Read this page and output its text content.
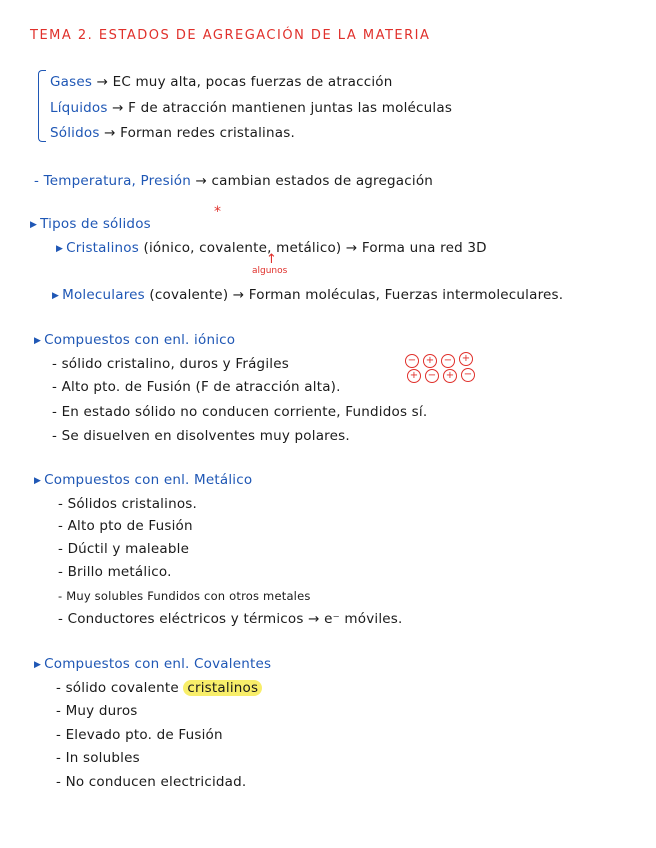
TEMA 2. ESTADOS DE AGREGACIÓN DE LA MATERIA
Gases → EC muy alta, pocas fuerzas de atracción
Líquidos → F de atracción mantienen juntas las moléculas
Sólidos → Forman redes cristalinas.
- Temperatura, Presión → cambian estados de agregación
▶ Tipos de sólidos
*
▶ Cristalinos (iónico, covalente, metálico) → Forma una red 3D
↑
algunos
▶ Moleculares (covalente) → Forman moléculas, Fuerzas intermoleculares.
▶ Compuestos con enl. iónico
- sólido cristalino, duros y Frágiles
- Alto pto. de Fusión (F de atracción alta).
- En estado sólido no conducen corriente, Fundidos sí.
- Se disuelven en disolventes muy polares.
− + − +
+ − + −
▶ Compuestos con enl. Metálico
- Sólidos cristalinos.
- Alto pto de Fusión
- Dúctil y maleable
- Brillo metálico.
- Muy solubles Fundidos con otros metales
- Conductores eléctricos y térmicos → e⁻ móviles.
▶ Compuestos con enl. Covalentes
- sólido covalente cristalinos
- Muy duros
- Elevado pto. de Fusión
- In solubles
- No conducen electricidad.
